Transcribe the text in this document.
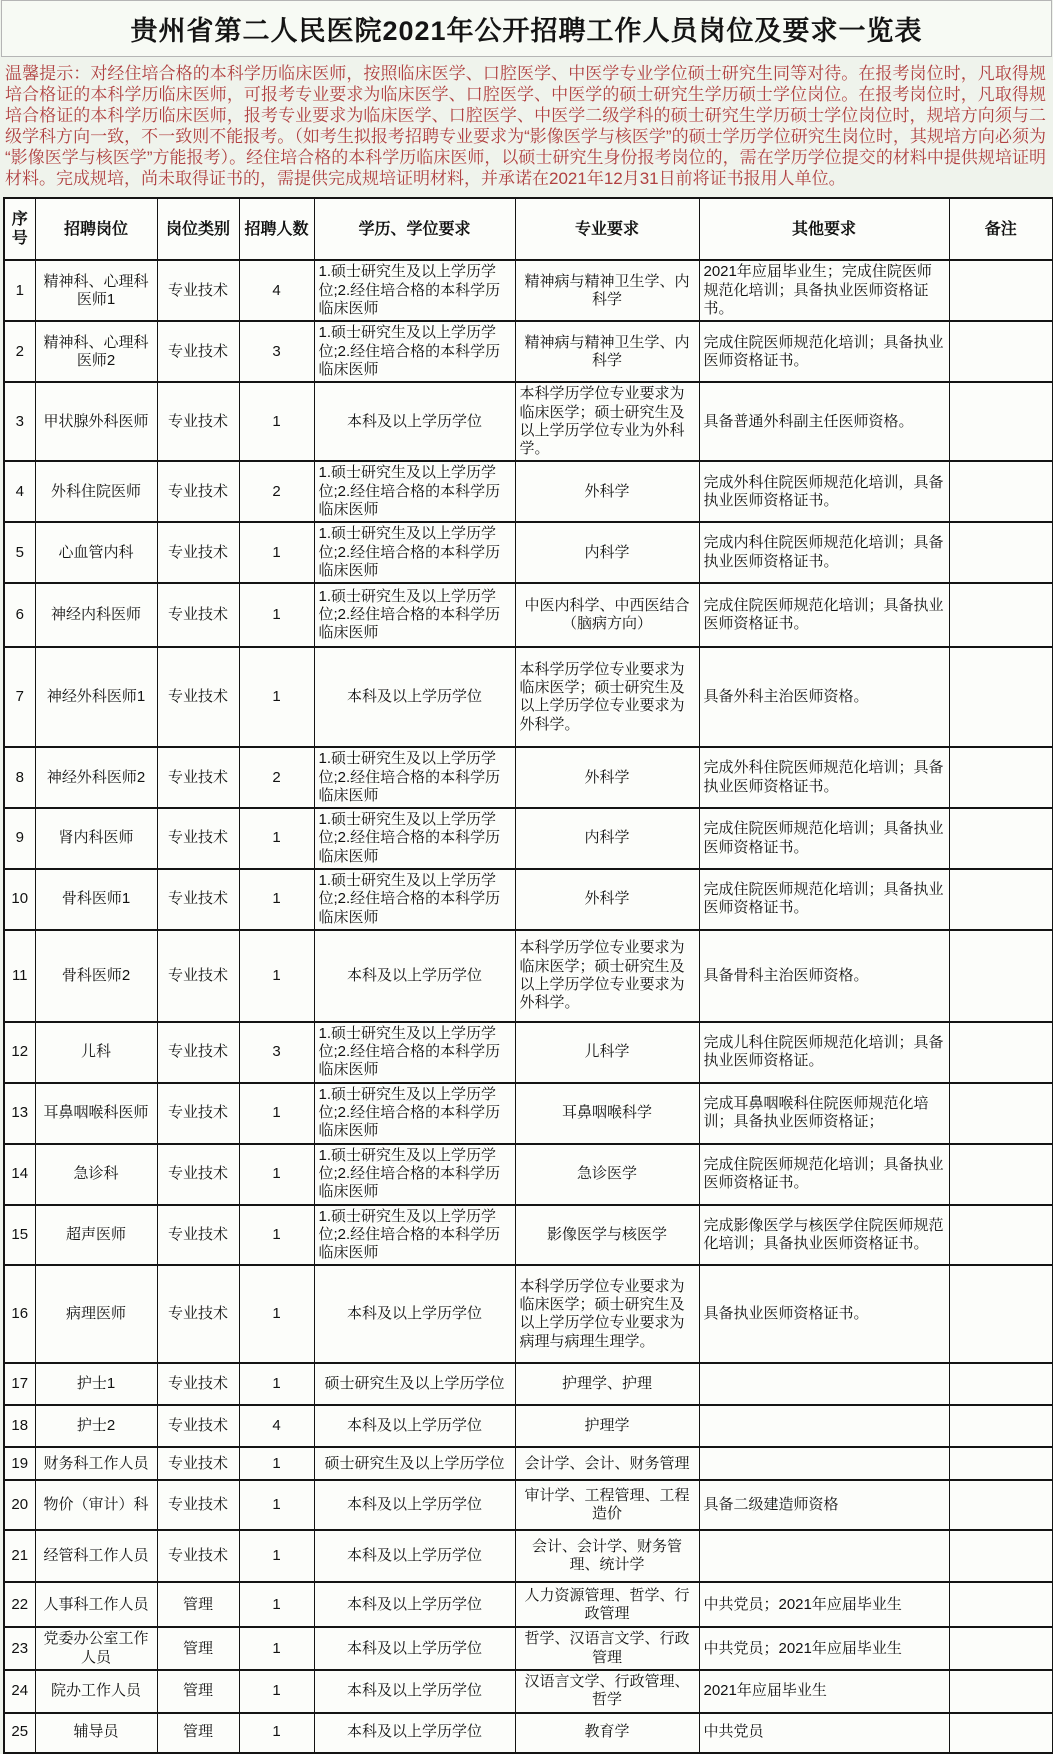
贵州省第二人民医院2021年公开招聘工作人员岗位及要求一览表

温馨提示：对经住培合格的本科学历临床医师，按照临床医学、口腔医学、中医学专业学位硕士研究生同等对待。在报考岗位时，凡取得规培合格证的本科学历临床医师，可报考专业要求为临床医学、口腔医学、中医学的硕士研究生学历硕士学位岗位。在报考岗位时，凡取得规培合格证的本科学历临床医师，报考专业要求为临床医学、口腔医学、中医学二级学科的硕士研究生学历硕士学位岗位时，规培方向须与二级学科方向一致，不一致则不能报考。（如考生拟报考招聘专业要求为“影像医学与核医学”的硕士学历学位研究生岗位时，其规培方向必须为“影像医学与核医学”方能报考）。经住培合格的本科学历临床医师，以硕士研究生身份报考岗位的，需在学历学位提交的材料中提供规培证明材料。完成规培，尚未取得证书的，需提供完成规培证明材料，并承诺在2021年12月31日前将证书报用人单位。

序号	招聘岗位	岗位类别	招聘人数	学历、学位要求	专业要求	其他要求	备注
1	精神科、心理科医师1	专业技术	4	1.硕士研究生及以上学历学位;2.经住培合格的本科学历临床医师	精神病与精神卫生学、内科学	2021年应届毕业生；完成住院医师规范化培训；具备执业医师资格证书。	
2	精神科、心理科医师2	专业技术	3	1.硕士研究生及以上学历学位;2.经住培合格的本科学历临床医师	精神病与精神卫生学、内科学	完成住院医师规范化培训；具备执业医师资格证书。	
3	甲状腺外科医师	专业技术	1	本科及以上学历学位	本科学历学位专业要求为临床医学；硕士研究生及以上学历学位专业为外科学。	具备普通外科副主任医师资格。	
4	外科住院医师	专业技术	2	1.硕士研究生及以上学历学位;2.经住培合格的本科学历临床医师	外科学	完成外科住院医师规范化培训，具备执业医师资格证书。	
5	心血管内科	专业技术	1	1.硕士研究生及以上学历学位;2.经住培合格的本科学历临床医师	内科学	完成内科住院医师规范化培训；具备执业医师资格证书。	
6	神经内科医师	专业技术	1	1.硕士研究生及以上学历学位;2.经住培合格的本科学历临床医师	中医内科学、中西医结合（脑病方向）	完成住院医师规范化培训；具备执业医师资格证书。	
7	神经外科医师1	专业技术	1	本科及以上学历学位	本科学历学位专业要求为临床医学；硕士研究生及以上学历学位专业要求为外科学。	具备外科主治医师资格。	
8	神经外科医师2	专业技术	2	1.硕士研究生及以上学历学位;2.经住培合格的本科学历临床医师	外科学	完成外科住院医师规范化培训；具备执业医师资格证书。	
9	肾内科医师	专业技术	1	1.硕士研究生及以上学历学位;2.经住培合格的本科学历临床医师	内科学	完成住院医师规范化培训；具备执业医师资格证书。	
10	骨科医师1	专业技术	1	1.硕士研究生及以上学历学位;2.经住培合格的本科学历临床医师	外科学	完成住院医师规范化培训；具备执业医师资格证书。	
11	骨科医师2	专业技术	1	本科及以上学历学位	本科学历学位专业要求为临床医学；硕士研究生及以上学历学位专业要求为外科学。	具备骨科主治医师资格。	
12	儿科	专业技术	3	1.硕士研究生及以上学历学位;2.经住培合格的本科学历临床医师	儿科学	完成儿科住院医师规范化培训；具备执业医师资格证。	
13	耳鼻咽喉科医师	专业技术	1	1.硕士研究生及以上学历学位;2.经住培合格的本科学历临床医师	耳鼻咽喉科学	完成耳鼻咽喉科住院医师规范化培训；具备执业医师资格证；	
14	急诊科	专业技术	1	1.硕士研究生及以上学历学位;2.经住培合格的本科学历临床医师	急诊医学	完成住院医师规范化培训；具备执业医师资格证书。	
15	超声医师	专业技术	1	1.硕士研究生及以上学历学位;2.经住培合格的本科学历临床医师	影像医学与核医学	完成影像医学与核医学住院医师规范化培训；具备执业医师资格证书。	
16	病理医师	专业技术	1	本科及以上学历学位	本科学历学位专业要求为临床医学；硕士研究生及以上学历学位专业要求为病理与病理生理学。	具备执业医师资格证书。	
17	护士1	专业技术	1	硕士研究生及以上学历学位	护理学、护理		
18	护士2	专业技术	4	本科及以上学历学位	护理学		
19	财务科工作人员	专业技术	1	硕士研究生及以上学历学位	会计学、会计、财务管理		
20	物价（审计）科	专业技术	1	本科及以上学历学位	审计学、工程管理、工程造价	具备二级建造师资格	
21	经管科工作人员	专业技术	1	本科及以上学历学位	会计、会计学、财务管理、统计学		
22	人事科工作人员	管理	1	本科及以上学历学位	人力资源管理、哲学、行政管理	中共党员；2021年应届毕业生	
23	党委办公室工作人员	管理	1	本科及以上学历学位	哲学、汉语言文学、行政管理	中共党员；2021年应届毕业生	
24	院办工作人员	管理	1	本科及以上学历学位	汉语言文学、行政管理、哲学	2021年应届毕业生	
25	辅导员	管理	1	本科及以上学历学位	教育学	中共党员	
